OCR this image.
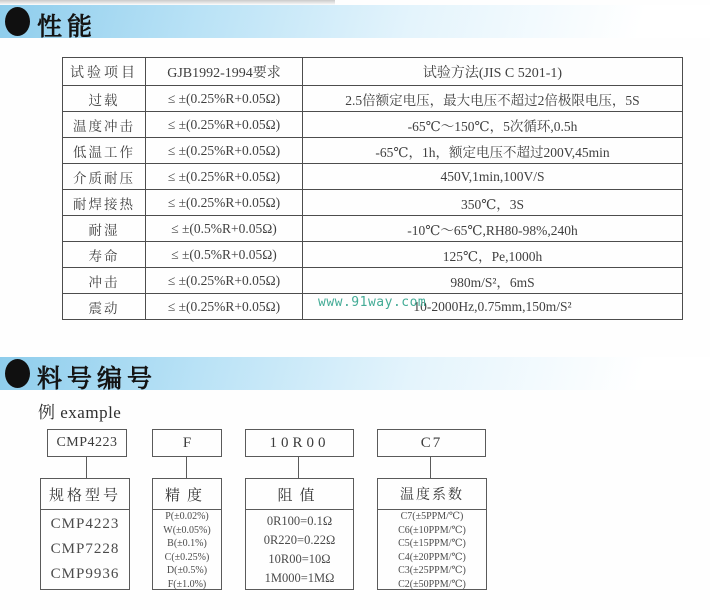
性能
试验项目	GJB1992-1994要求	试验方法(JIS C 5201-1)
过载	≤ ±(0.25%R+0.05Ω)	2.5倍额定电压，最大电压不超过2倍极限电压，5S
温度冲击	≤ ±(0.25%R+0.05Ω)	-65℃～150℃，5次循环,0.5h
低温工作	≤ ±(0.25%R+0.05Ω)	-65℃，1h，额定电压不超过200V,45min
介质耐压	≤ ±(0.25%R+0.05Ω)	450V,1min,100V/S
耐焊接热	≤ ±(0.25%R+0.05Ω)	350℃，3S
耐湿	≤ ±(0.5%R+0.05Ω)	-10℃～65℃,RH80-98%,240h
寿命	≤ ±(0.5%R+0.05Ω)	125℃，Pe,1000h
冲击	≤ ±(0.25%R+0.05Ω)	980m/S²，6mS
震动	≤ ±(0.25%R+0.05Ω)	10-2000Hz,0.75mm,150m/S²
www.91way.com
料号编号
例 example
CMP4223	F	10R00	C7
规格型号
CMP4223
CMP7228
CMP9936
精度
P(±0.02%)
W(±0.05%)
B(±0.1%)
C(±0.25%)
D(±0.5%)
F(±1.0%)
阻值
0R100=0.1Ω
0R220=0.22Ω
10R00=10Ω
1M000=1MΩ
温度系数
C7(±5PPM/℃)
C6(±10PPM/℃)
C5(±15PPM/℃)
C4(±20PPM/℃)
C3(±25PPM/℃)
C2(±50PPM/℃)
